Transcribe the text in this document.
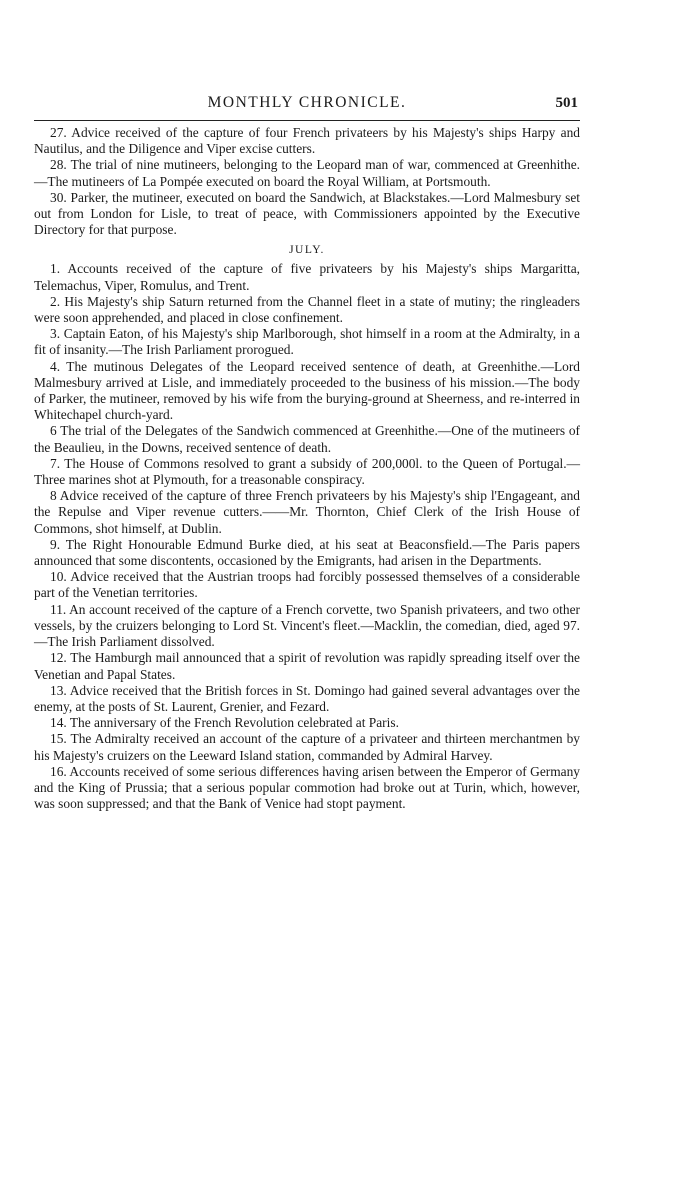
MONTHLY CHRONICLE.	501

27. Advice received of the capture of four French privateers by his Majesty's ships Harpy and Nautilus, and the Diligence and Viper excise cutters.

28. The trial of nine mutineers, belonging to the Leopard man of war, commenced at Greenhithe.—The mutineers of La Pompée executed on board the Royal William, at Portsmouth.

30. Parker, the mutineer, executed on board the Sandwich, at Blackstakes.—Lord Malmesbury set out from London for Lisle, to treat of peace, with Commissioners appointed by the Executive Directory for that purpose.

JULY.

1. Accounts received of the capture of five privateers by his Majesty's ships Margaritta, Telemachus, Viper, Romulus, and Trent.

2. His Majesty's ship Saturn returned from the Channel fleet in a state of mutiny; the ringleaders were soon apprehended, and placed in close confinement.

3. Captain Eaton, of his Majesty's ship Marlborough, shot himself in a room at the Admiralty, in a fit of insanity.—The Irish Parliament prorogued.

4. The mutinous Delegates of the Leopard received sentence of death, at Greenhithe.—Lord Malmesbury arrived at Lisle, and immediately proceeded to the business of his mission.—The body of Parker, the mutineer, removed by his wife from the burying-ground at Sheerness, and re-interred in Whitechapel church-yard.

6 The trial of the Delegates of the Sandwich commenced at Greenhithe.—One of the mutineers of the Beaulieu, in the Downs, received sentence of death.

7. The House of Commons resolved to grant a subsidy of 200,000l. to the Queen of Portugal.—Three marines shot at Plymouth, for a treasonable conspiracy.

8 Advice received of the capture of three French privateers by his Majesty's ship l'Engageant, and the Repulse and Viper revenue cutters.——Mr. Thornton, Chief Clerk of the Irish House of Commons, shot himself, at Dublin.

9. The Right Honourable Edmund Burke died, at his seat at Beaconsfield.—The Paris papers announced that some discontents, occasioned by the Emigrants, had arisen in the Departments.

10. Advice received that the Austrian troops had forcibly possessed themselves of a considerable part of the Venetian territories.

11. An account received of the capture of a French corvette, two Spanish privateers, and two other vessels, by the cruizers belonging to Lord St. Vincent's fleet.—Macklin, the comedian, died, aged 97.—The Irish Parliament dissolved.

12. The Hamburgh mail announced that a spirit of revolution was rapidly spreading itself over the Venetian and Papal States.

13. Advice received that the British forces in St. Domingo had gained several advantages over the enemy, at the posts of St. Laurent, Grenier, and Fezard.

14. The anniversary of the French Revolution celebrated at Paris.

15. The Admiralty received an account of the capture of a privateer and thirteen merchantmen by his Majesty's cruizers on the Leeward Island station, commanded by Admiral Harvey.

16. Accounts received of some serious differences having arisen between the Emperor of Germany and the King of Prussia; that a serious popular commotion had broke out at Turin, which, however, was soon suppressed; and that the Bank of Venice had stopt payment.
